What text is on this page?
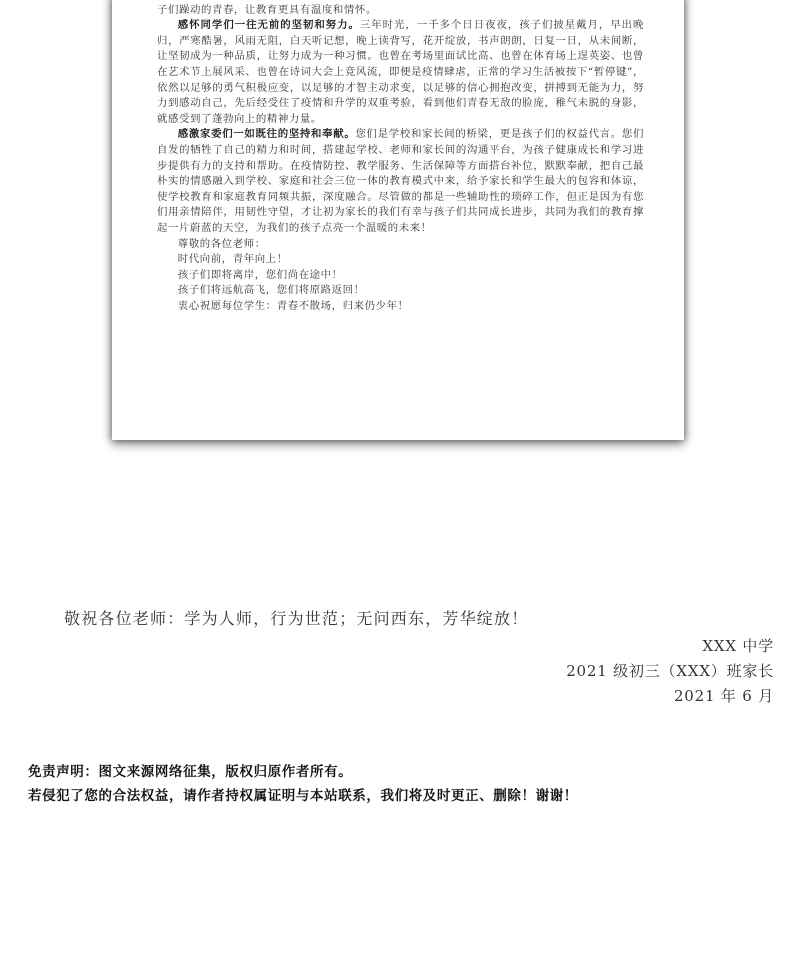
子们躁动的青春，让教育更具有温度和情怀。

感怀同学们一往无前的坚韧和努力。三年时光，一千多个日日夜夜，孩子们披星戴月，早出晚归，严寒酷暑，风雨无阻，白天听记想，晚上读背写，花开绽放，书声朗朗，日复一日，从未间断，让坚韧成为一种品质，让努力成为一种习惯。也曾在考场里面试比高、也曾在体育场上逞英姿、也曾在艺术节上展风采、也曾在诗词大会上竞风流，即便是疫情肆虐，正常的学习生活被按下“暂停键”，依然以足够的勇气积极应变，以足够的才智主动求变，以足够的信心拥抱改变，拼搏到无能为力，努力到感动自己，先后经受住了疫情和升学的双重考验，看到他们青春无敌的脸庞，稚气未脱的身影，就感受到了蓬勃向上的精神力量。

感激家委们一如既往的坚持和奉献。您们是学校和家长间的桥梁，更是孩子们的权益代言。您们自发的牺牲了自己的精力和时间，搭建起学校、老师和家长间的沟通平台，为孩子健康成长和学习进步提供有力的支持和帮助。在疫情防控、教学服务、生活保障等方面搭台补位，默默奉献，把自己最朴实的情感融入到学校、家庭和社会三位一体的教育模式中来，给予家长和学生最大的包容和体谅，使学校教育和家庭教育同频共振，深度融合。尽管做的都是一些辅助性的琐碎工作，但正是因为有您们用亲情陪伴，用韧性守望，才让初为家长的我们有幸与孩子们共同成长进步，共同为我们的教育撑起一片蔚蓝的天空，为我们的孩子点亮一个温暖的未来！

尊敬的各位老师：

时代向前，青年向上！

孩子们即将离岸，您们尚在途中！

孩子们将远航高飞，您们将原路返回！

衷心祝愿每位学生：青春不散场，归来仍少年！

敬祝各位老师：学为人师，行为世范；无问西东，芳华绽放！
XXX 中学
2021 级初三（XXX）班家长
2021 年 6 月
免责声明：图文来源网络征集，版权归原作者所有。
若侵犯了您的合法权益，请作者持权属证明与本站联系，我们将及时更正、删除！谢谢！
